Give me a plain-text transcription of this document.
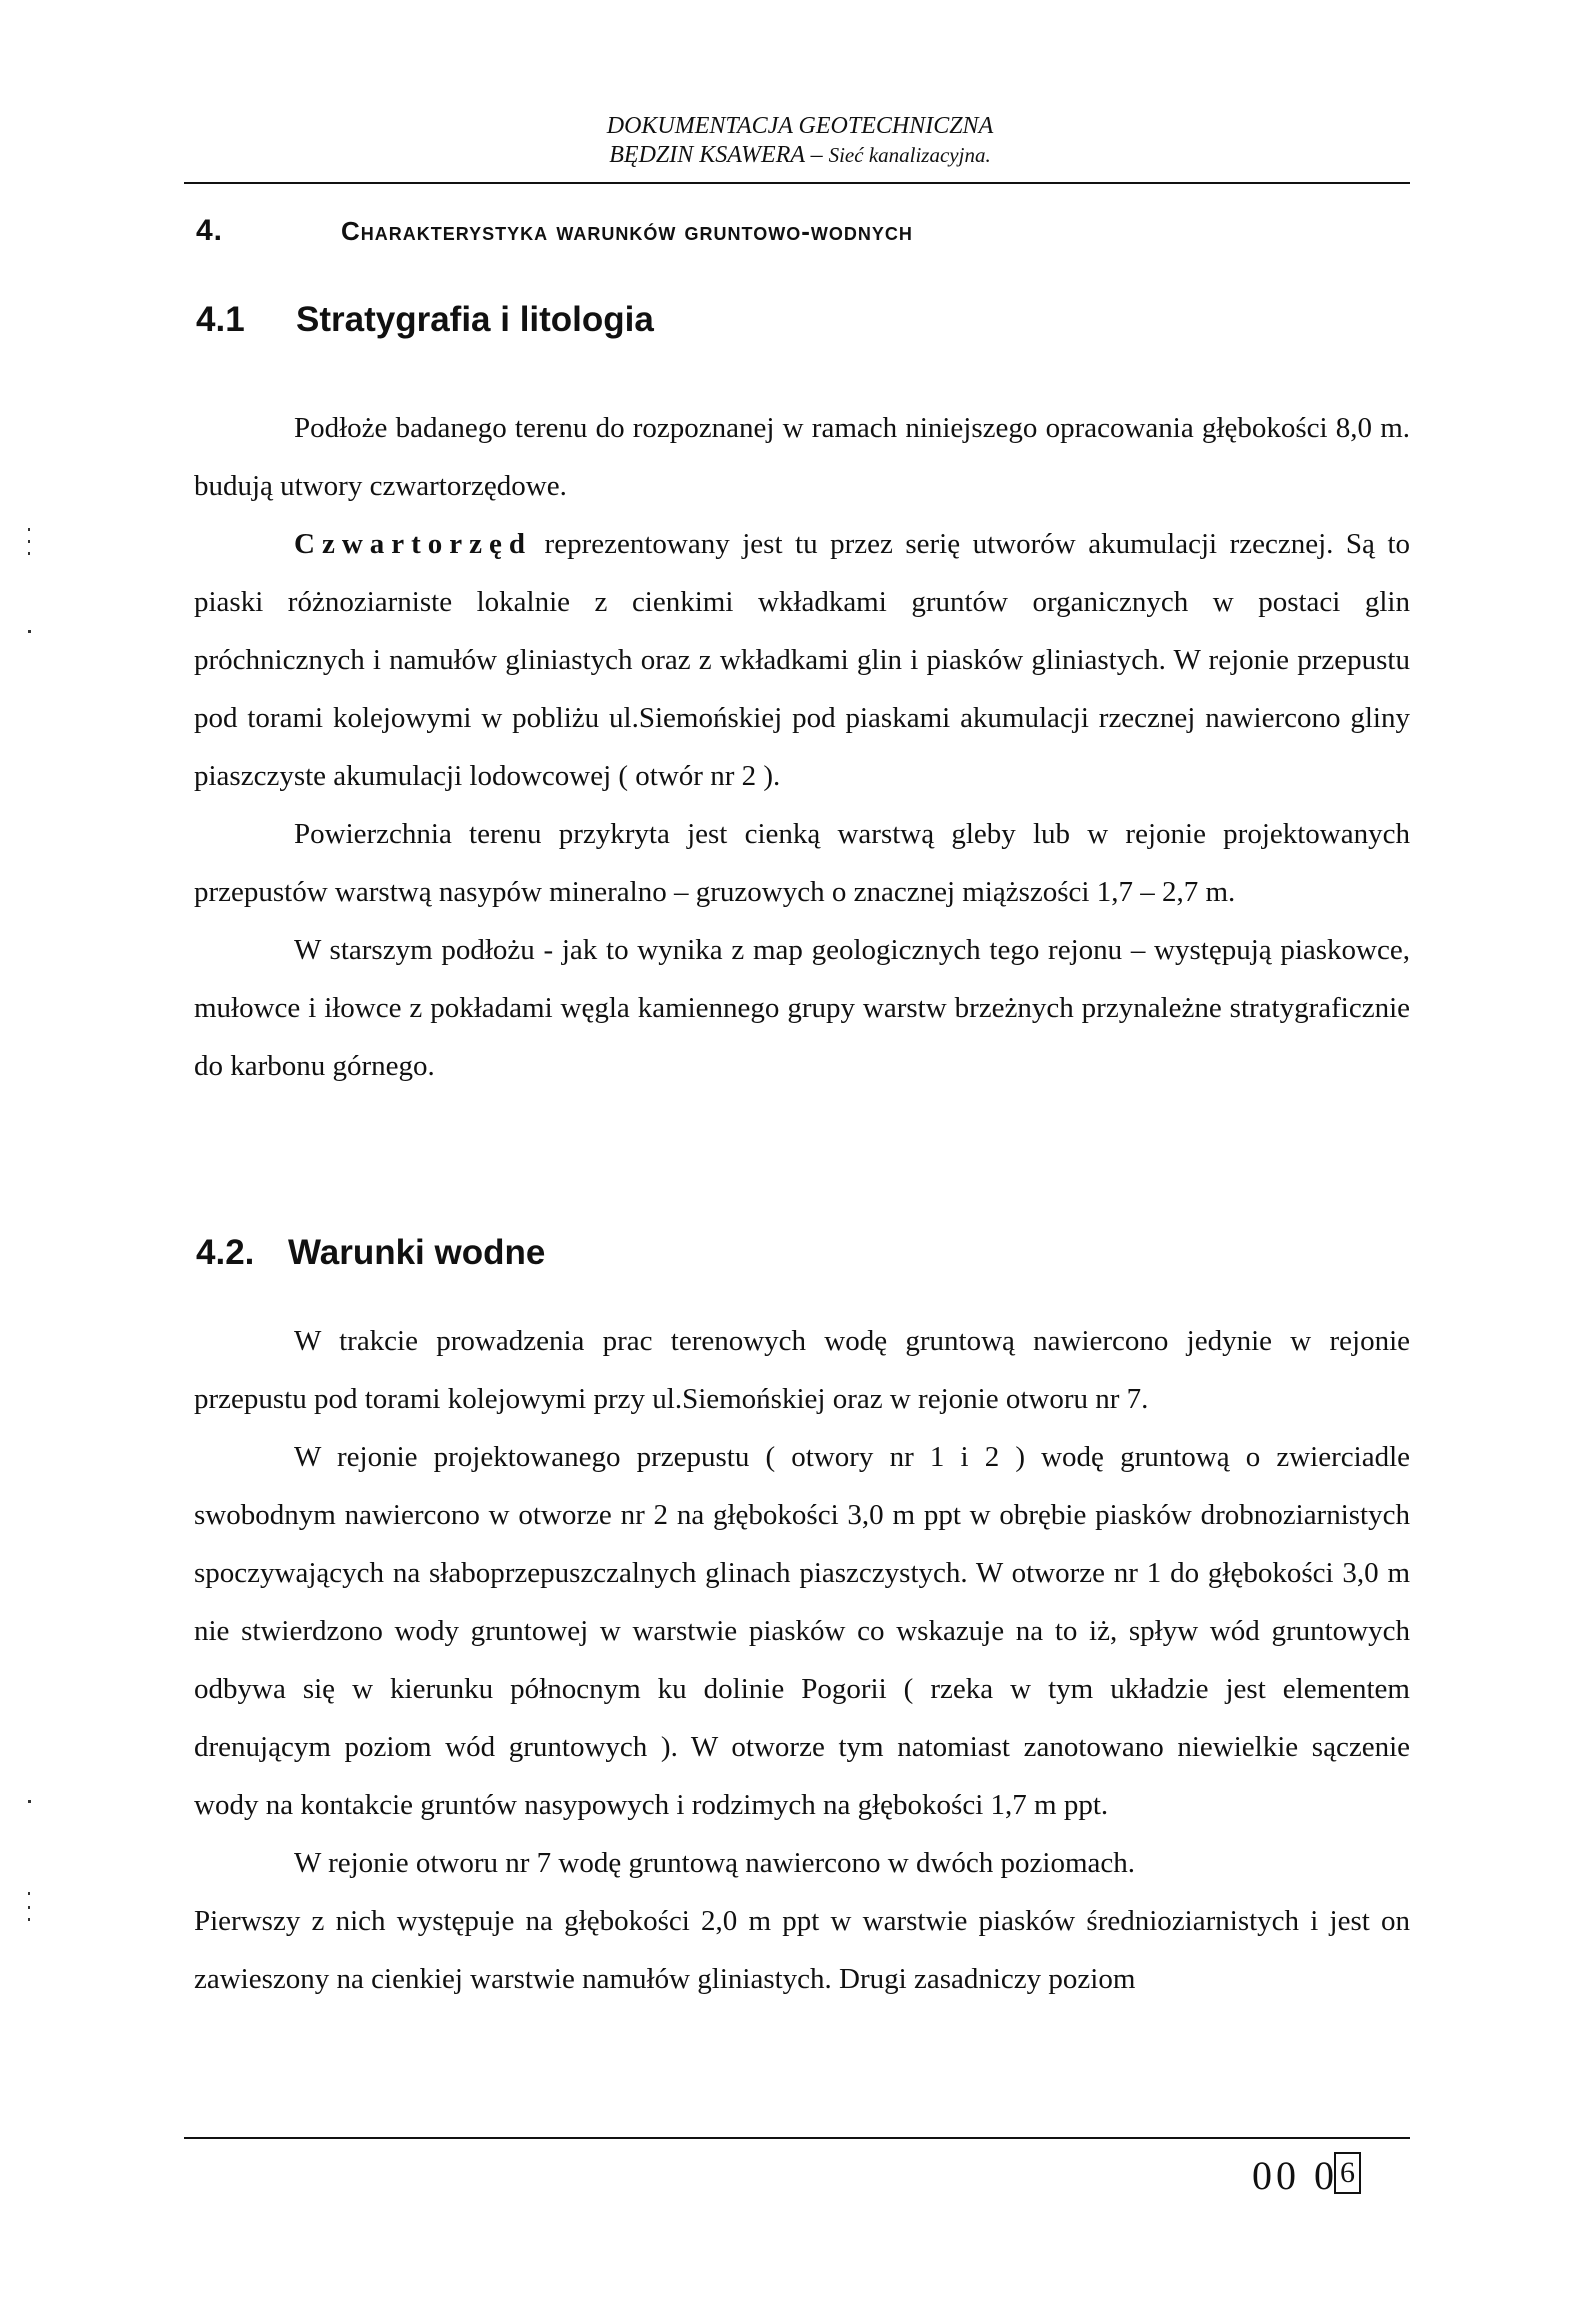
DOKUMENTACJA GEOTECHNICZNA
BĘDZIN KSAWERA – Sieć kanalizacyjna.
4.	Charakterystyka warunków gruntowo-wodnych
4.1 Stratygrafia i litologia

Podłoże badanego terenu do rozpoznanej w ramach niniejszego opracowania głębokości 8,0 m. budują utwory czwartorzędowe.

Czwartorzęd reprezentowany jest tu przez serię utworów akumulacji rzecznej. Są to piaski różnoziarniste lokalnie z cienkimi wkładkami gruntów organicznych w postaci glin próchnicznych i namułów gliniastych oraz z wkładkami glin i piasków gliniastych. W rejonie przepustu pod torami kolejowymi w pobliżu ul.Siemońskiej pod piaskami akumulacji rzecznej nawiercono gliny piaszczyste akumulacji lodowcowej ( otwór nr 2 ).

Powierzchnia terenu przykryta jest cienką warstwą gleby lub w rejonie projektowanych przepustów warstwą nasypów mineralno – gruzowych o znacznej miąższości 1,7 – 2,7 m.

W starszym podłożu - jak to wynika z map geologicznych tego rejonu – występują piaskowce, mułowce i iłowce z pokładami węgla kamiennego grupy warstw brzeżnych przynależne stratygraficznie do karbonu górnego.

4.2. Warunki wodne

W trakcie prowadzenia prac terenowych wodę gruntową nawiercono jedynie w rejonie przepustu pod torami kolejowymi przy ul.Siemońskiej oraz w rejonie otworu nr 7.

W rejonie projektowanego przepustu ( otwory nr 1 i 2 ) wodę gruntową o zwierciadle swobodnym nawiercono w otworze nr 2 na głębokości 3,0 m ppt w obrębie piasków drobnoziarnistych spoczywających na słaboprzepuszczalnych glinach piaszczystych. W otworze nr 1 do głębokości 3,0 m nie stwierdzono wody gruntowej w warstwie piasków co wskazuje na to iż, spływ wód gruntowych odbywa się w kierunku północnym ku dolinie Pogorii ( rzeka w tym układzie jest elementem drenującym poziom wód gruntowych ). W otworze tym natomiast zanotowano niewielkie sączenie wody na kontakcie gruntów nasypowych i rodzimych na głębokości 1,7 m ppt.

W rejonie otworu nr 7 wodę gruntową nawiercono w dwóch poziomach.

Pierwszy z nich występuje na głębokości 2,0 m ppt w warstwie piasków średnioziarnistych i jest on zawieszony na cienkiej warstwie namułów gliniastych. Drugi zasadniczy poziom

00 06
